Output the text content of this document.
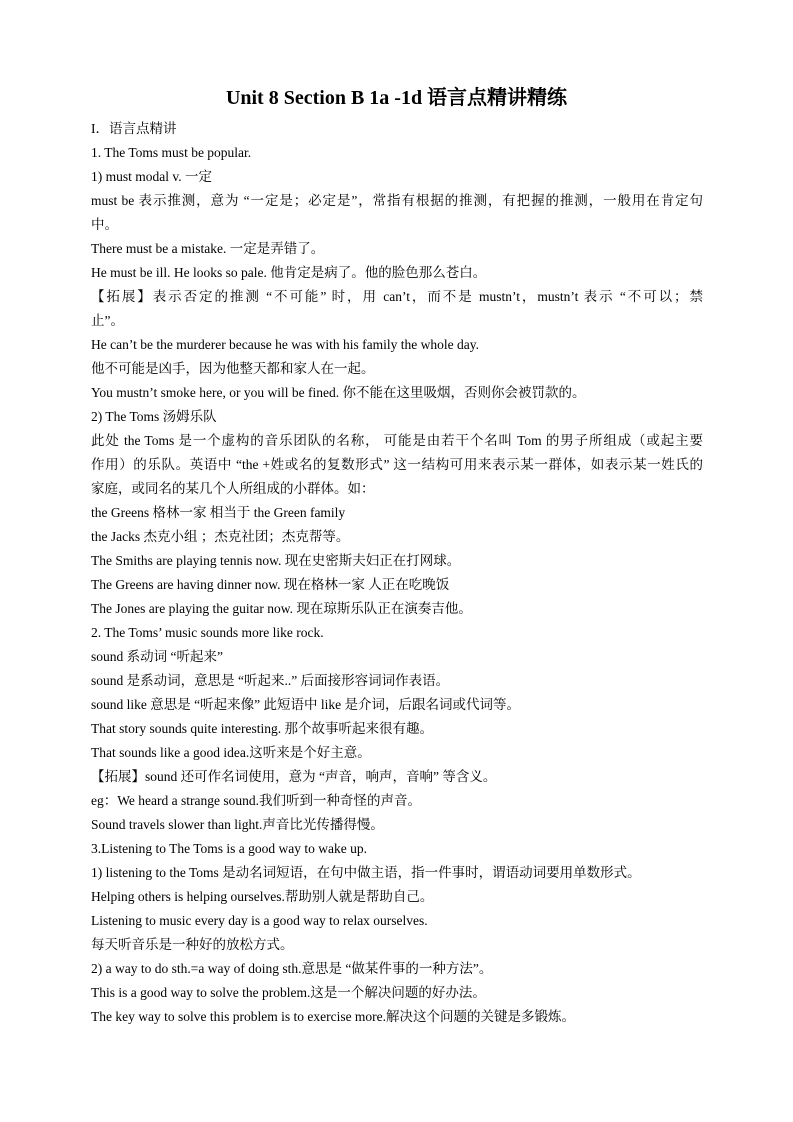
Unit 8 Section B 1a -1d 语言点精讲精练
I．语言点精讲
1. The Toms must be popular.
1) must modal v. 一定
must be 表示推测，意为 “一定是；必定是”，常指有根据的推测，有把握的推测，一般用在肯定句
中。
There must be a mistake. 一定是弄错了。
He must be ill. He looks so pale. 他肯定是病了。他的脸色那么苍白。
【拓展】表示否定的推测 “不可能” 时，用 can’t，而不是 mustn’t，mustn’t 表示 “不可以；禁
止”。
He can’t be the murderer because he was with his family the whole day.
他不可能是凶手，因为他整天都和家人在一起。
You mustn’t smoke here, or you will be fined. 你不能在这里吸烟，否则你会被罚款的。
2) The Toms 汤姆乐队
此处 the Toms 是一个虚构的音乐团队的名称， 可能是由若干个名叫 Tom 的男子所组成（或起主要
作用）的乐队。英语中 “the +姓或名的复数形式” 这一结构可用来表示某一群体，如表示某一姓氏的
家庭，或同名的某几个人所组成的小群体。如：
the Greens 格林一家 相当于 the Green family
the Jacks 杰克小组 ；杰克社团；杰克帮等。
The Smiths are playing tennis now. 现在史密斯夫妇正在打网球。
The Greens are having dinner now. 现在格林一家 人正在吃晚饭
The Jones are playing the guitar now. 现在琼斯乐队正在演奏吉他。
2. The Toms’ music sounds more like rock.
sound 系动词 “听起来”
sound 是系动词，意思是 “听起来..” 后面接形容词词作表语。
sound like 意思是 “听起来像” 此短语中 like 是介词，后跟名词或代词等。
That story sounds quite interesting. 那个故事听起来很有趣。
That sounds like a good idea.这听来是个好主意。
【拓展】sound 还可作名词使用，意为 “声音，响声，音响” 等含义。
eg：We heard a strange sound.我们听到一种奇怪的声音。
Sound travels slower than light.声音比光传播得慢。
3.Listening to The Toms is a good way to wake up.
1) listening to the Toms 是动名词短语，在句中做主语，指一件事时，谓语动词要用单数形式。
Helping others is helping ourselves.帮助别人就是帮助自己。
Listening to music every day is a good way to relax ourselves.
每天听音乐是一种好的放松方式。
2) a way to do sth.=a way of doing sth.意思是 “做某件事的一种方法”。
This is a good way to solve the problem.这是一个解决问题的好办法。
The key way to solve this problem is to exercise more.解决这个问题的关键是多锻炼。
